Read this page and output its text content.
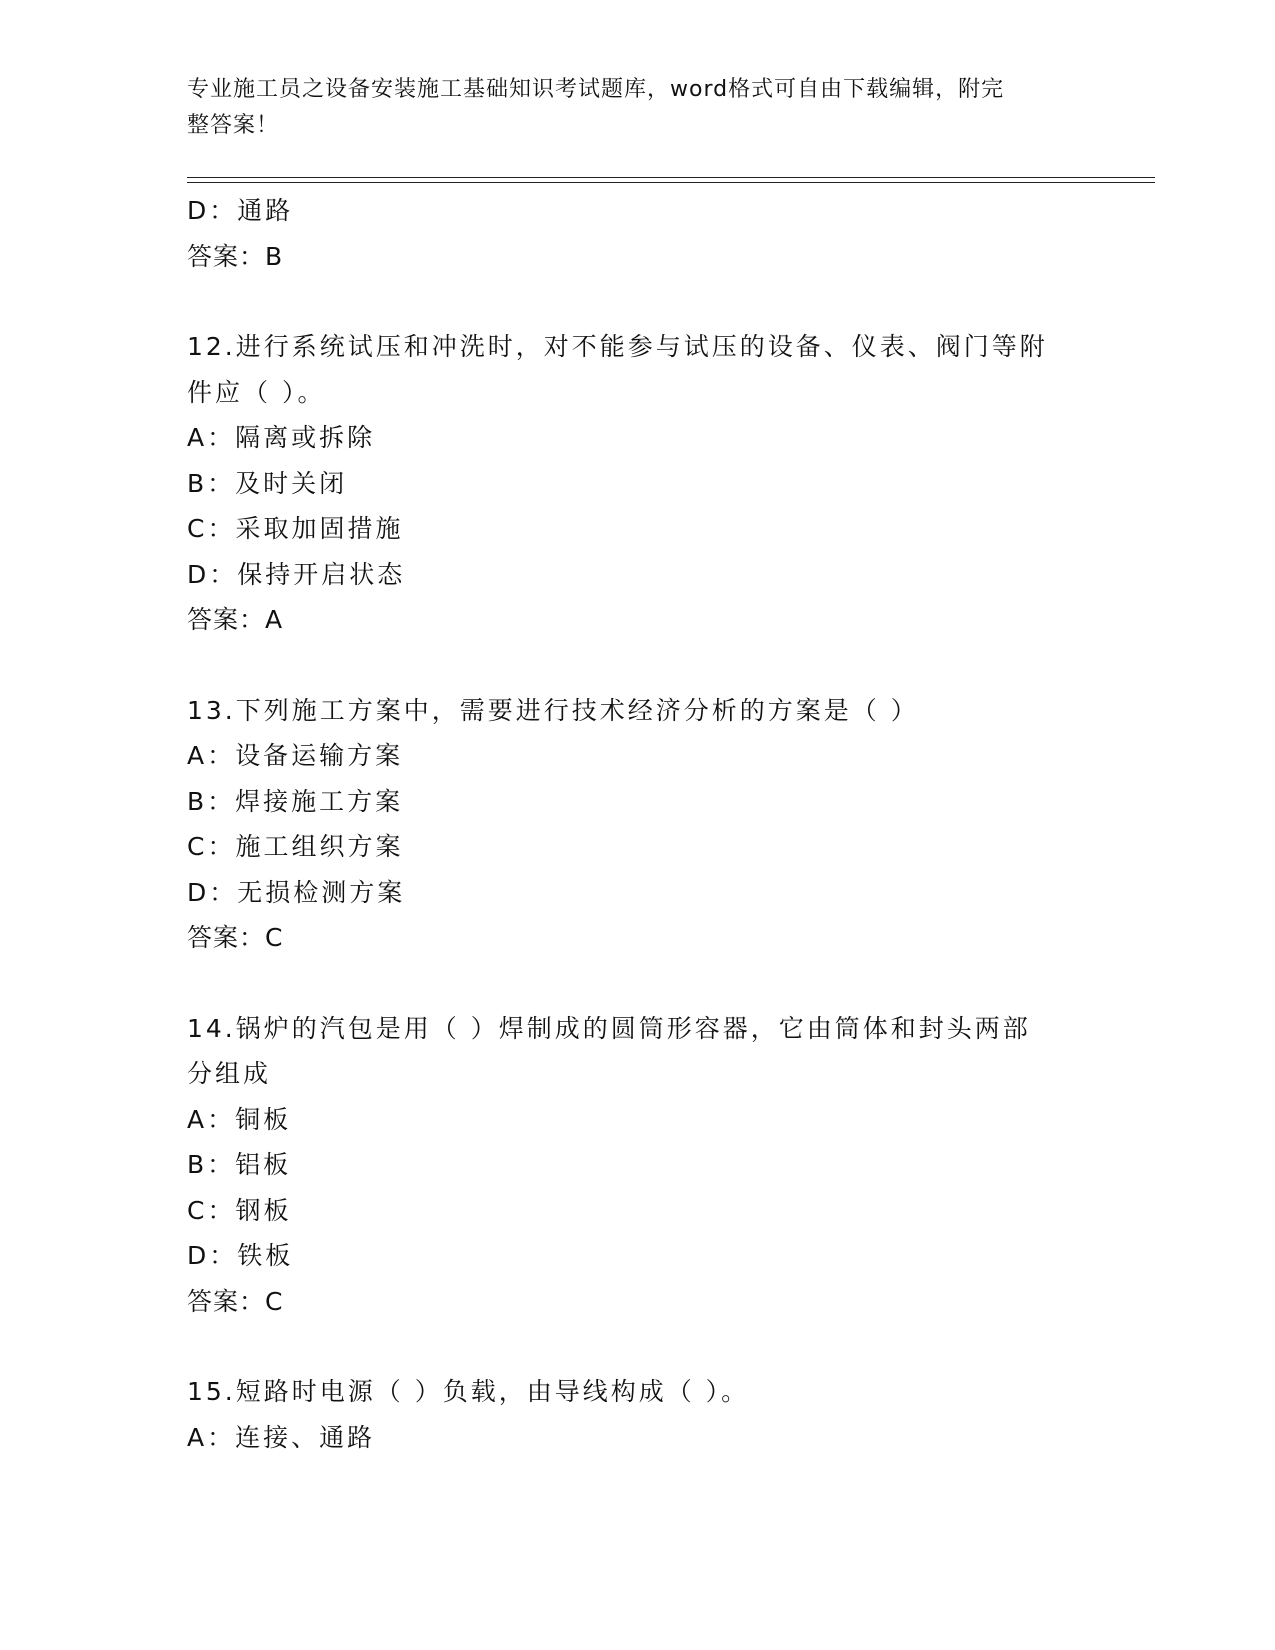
专业施工员之设备安装施工基础知识考试题库，word格式可自由下载编辑，附完
整答案！
D：通路
答案：B
12.进行系统试压和冲洗时，对不能参与试压的设备、仪表、阀门等附
件应（ ）。
A：隔离或拆除
B：及时关闭
C：采取加固措施
D：保持开启状态
答案：A
13.下列施工方案中，需要进行技术经济分析的方案是（ ）
A：设备运输方案
B：焊接施工方案
C：施工组织方案
D：无损检测方案
答案：C
14.锅炉的汽包是用（ ）焊制成的圆筒形容器，它由筒体和封头两部
分组成
A：铜板
B：铝板
C：钢板
D：铁板
答案：C
15.短路时电源（ ）负载，由导线构成（ ）。
A：连接、通路
